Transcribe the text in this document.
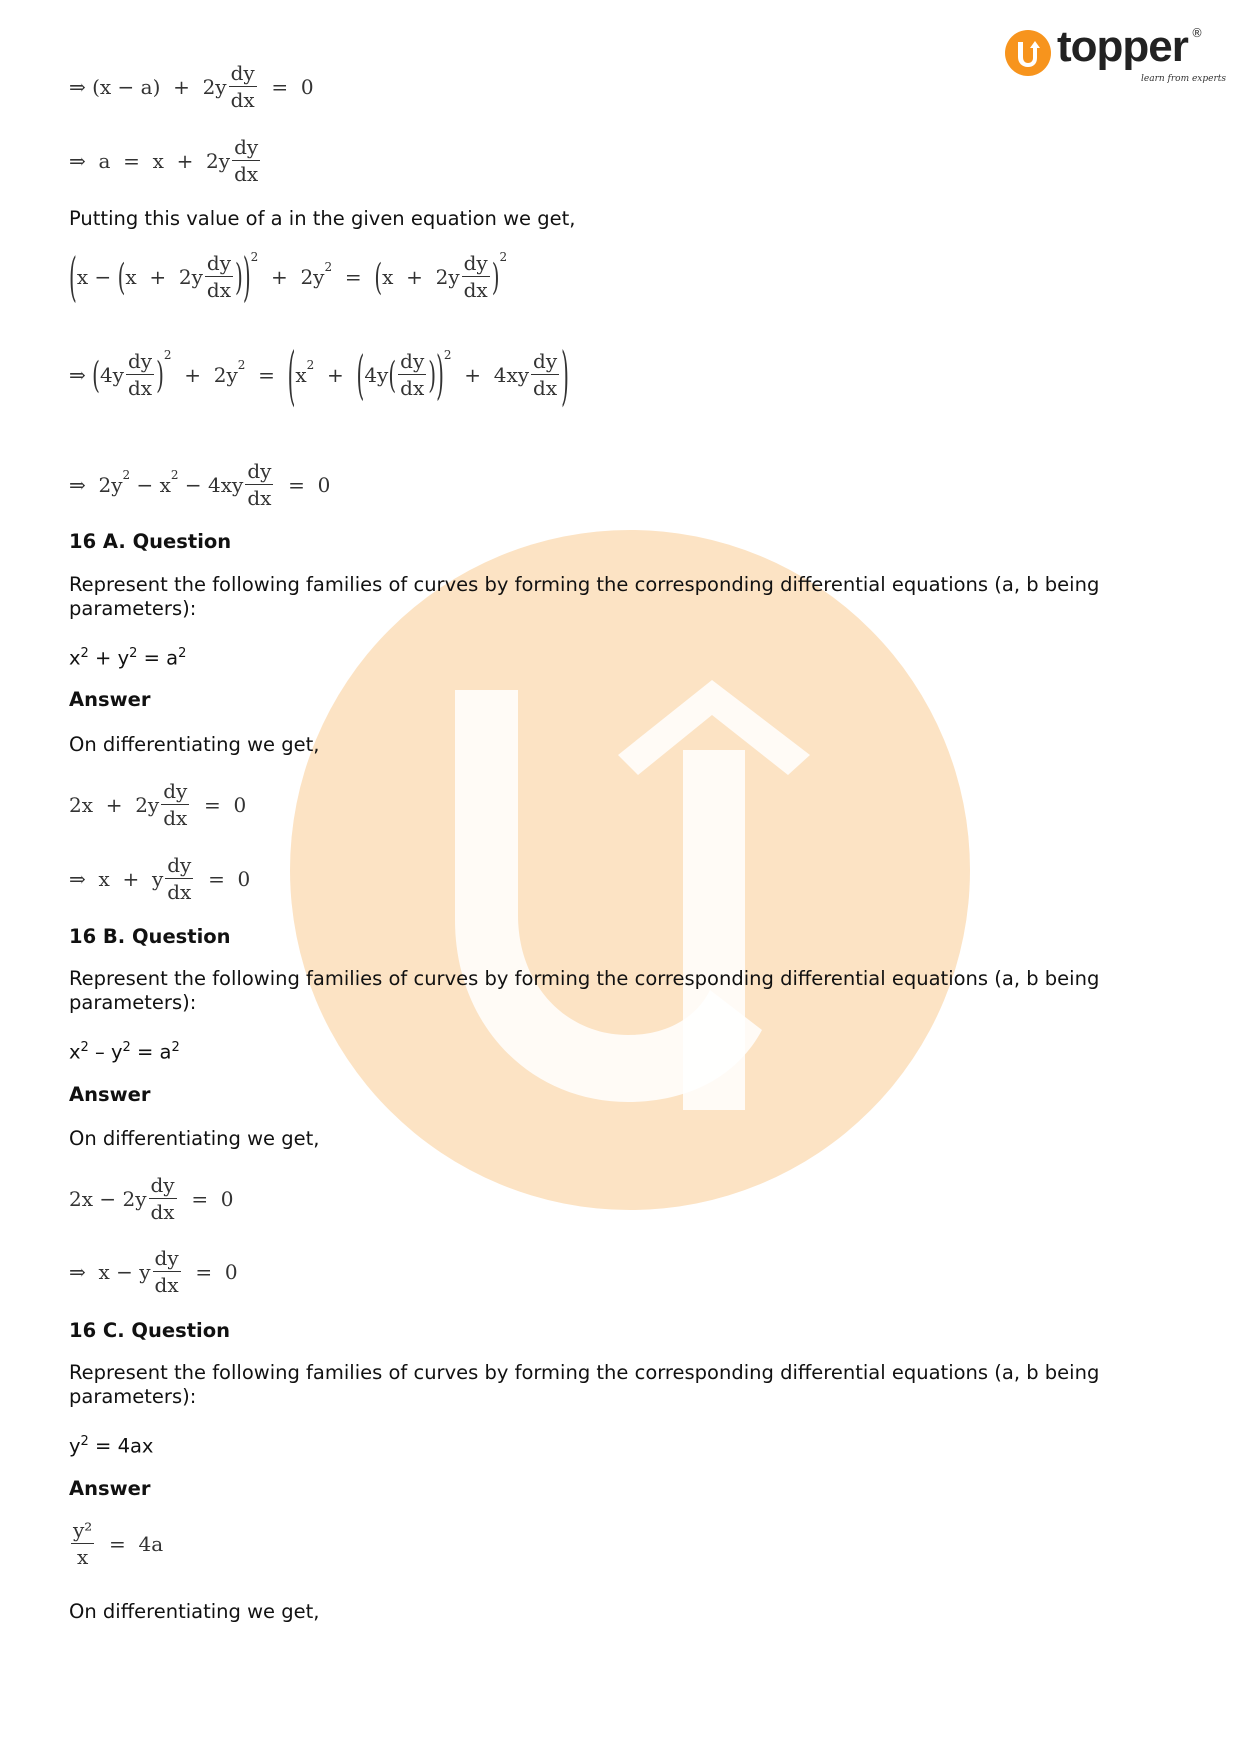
topper ®
learn from experts
⇒ $(x - a) + 2y \frac{dy}{dx} = 0$
⇒  $a = x + 2y \frac{dy}{dx}$
Putting this value of a in the given equation we get,
( x − ( $x + 2y \frac{dy}{dx}$ ) ) 2
+  2y 2 = ( $x + 2y \frac{dy}{dx}$ ) 2
⇒ ( $4y \frac{dy}{dx}$ ) 2
+  2y 2 = ( x 2 + ( 4y ( $\frac{dy}{dx}$ ) ) 2
+  $4xy \frac{dy}{dx}$ )
⇒  2y 2 − x $2 - 4xy \frac{dy}{dx} = 0$
16 A. Question
Represent the following families of curves by forming the corresponding differential equations (a, b being parameters):
$x^2 + y^2 = a^2$
Answer
On differentiating we get,
$2x + 2y \frac{dy}{dx} = 0$
⇒  x  +  y $\frac{dy}{dx} = 0$
16 B. Question
Represent the following families of curves by forming the corresponding differential equations (a, b being parameters):
$x^2 - y^2 = a^2$
Answer
On differentiating we get,
$2x - 2y \frac{dy}{dx} = 0$
⇒  x − y $\frac{dy}{dx} = 0$
16 C. Question
Represent the following families of curves by forming the corresponding differential equations (a, b being parameters):
$y^2 = 4ax$
Answer
$\frac{\text{y²}}{x} = 4a$
On differentiating we get,
